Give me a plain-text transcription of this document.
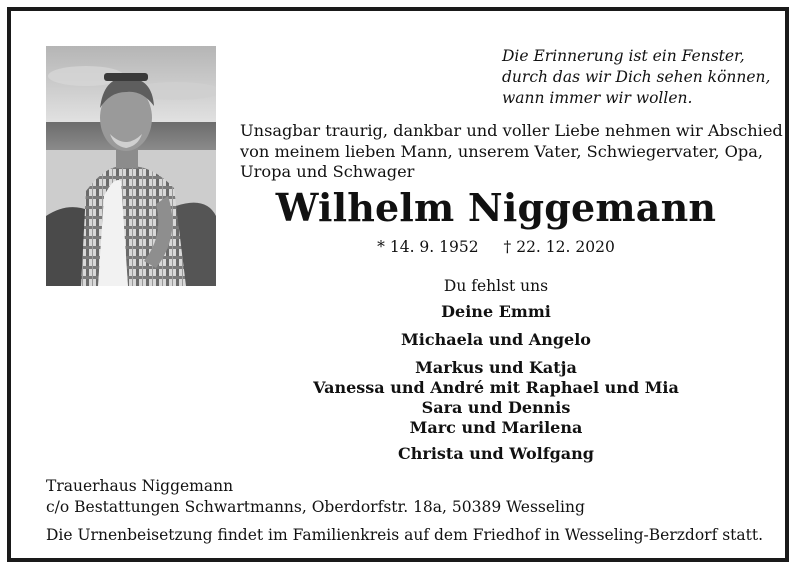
Die Erinnerung ist ein Fenster,
durch das wir Dich sehen können,
wann immer wir wollen.
Unsagbar traurig, dankbar und voller Liebe nehmen wir Abschied
von meinem lieben Mann, unserem Vater, Schwiegervater, Opa,
Uropa und Schwager
Wilhelm Niggemann
* 14. 9. 1952 † 22. 12. 2020
Du fehlst uns
Deine Emmi
Michaela und Angelo
Markus und Katja
Vanessa und André mit Raphael und Mia
Sara und Dennis
Marc und Marilena
Christa und Wolfgang
Trauerhaus Niggemann
c/o Bestattungen Schwartmanns, Oberdorfstr. 18a, 50389 Wesseling
Die Urnenbeisetzung findet im Familienkreis auf dem Friedhof in Wesseling-Berzdorf statt.
